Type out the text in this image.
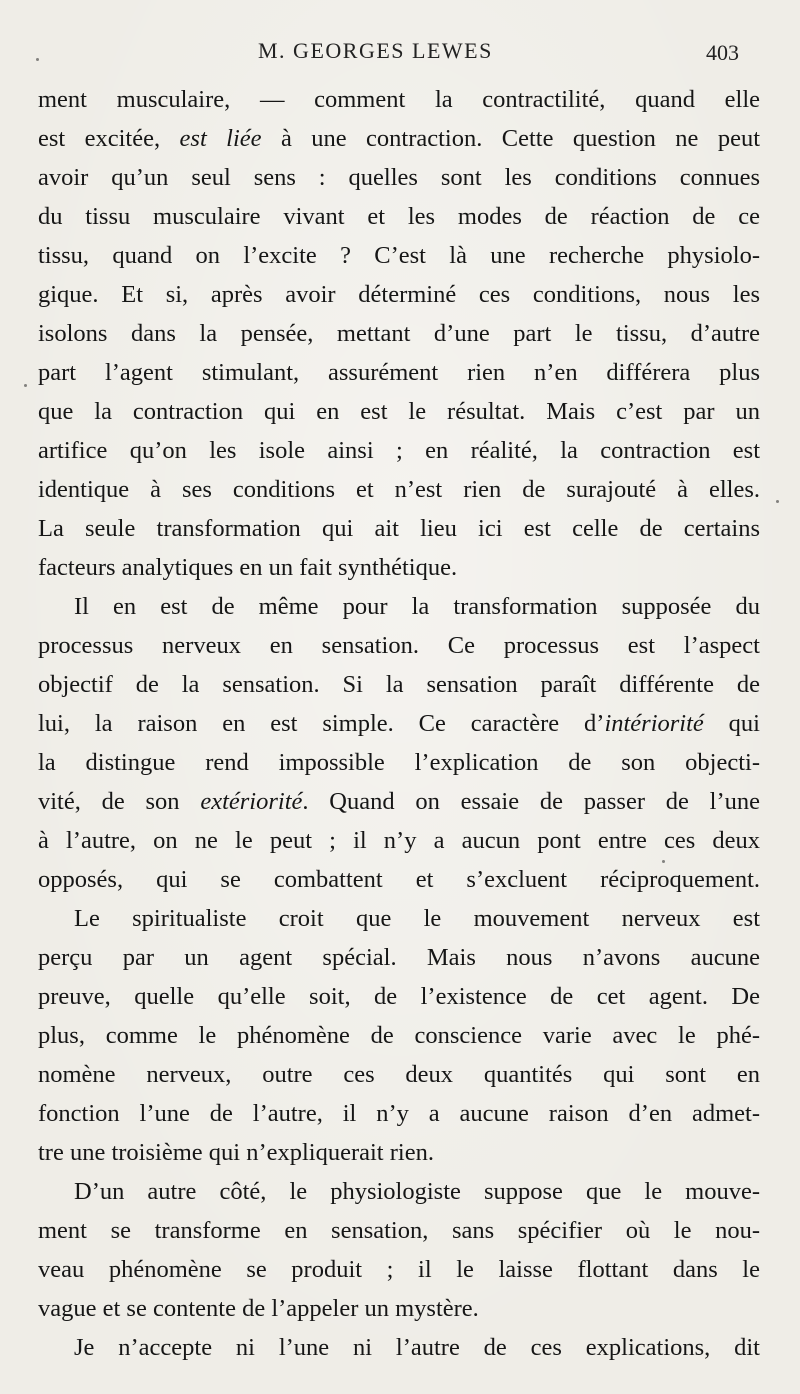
M. GEORGES LEWES	403
ment musculaire, — comment la contractilité, quand elle
est excitée, est liée à une contraction. Cette question ne peut
avoir qu’un seul sens : quelles sont les conditions connues
du tissu musculaire vivant et les modes de réaction de ce
tissu, quand on l’excite ? C’est là une recherche physiolo-
gique. Et si, après avoir déterminé ces conditions, nous les
isolons dans la pensée, mettant d’une part le tissu, d’autre
part l’agent stimulant, assurément rien n’en différera plus
que la contraction qui en est le résultat. Mais c’est par un
artifice qu’on les isole ainsi ; en réalité, la contraction est
identique à ses conditions et n’est rien de surajouté à elles.
La seule transformation qui ait lieu ici est celle de certains
facteurs analytiques en un fait synthétique.
Il en est de même pour la transformation supposée du
processus nerveux en sensation. Ce processus est l’aspect
objectif de la sensation. Si la sensation paraît différente de
lui, la raison en est simple. Ce caractère d’intériorité qui
la distingue rend impossible l’explication de son objecti-
vité, de son extériorité. Quand on essaie de passer de l’une
à l’autre, on ne le peut ; il n’y a aucun pont entre ces deux
opposés, qui se combattent et s’excluent réciproquement.
Le spiritualiste croit que le mouvement nerveux est
perçu par un agent spécial. Mais nous n’avons aucune
preuve, quelle qu’elle soit, de l’existence de cet agent. De
plus, comme le phénomène de conscience varie avec le phé-
nomène nerveux, outre ces deux quantités qui sont en
fonction l’une de l’autre, il n’y a aucune raison d’en admet-
tre une troisième qui n’expliquerait rien.
D’un autre côté, le physiologiste suppose que le mouve-
ment se transforme en sensation, sans spécifier où le nou-
veau phénomène se produit ; il le laisse flottant dans le
vague et se contente de l’appeler un mystère.
Je n’accepte ni l’une ni l’autre de ces explications, dit
